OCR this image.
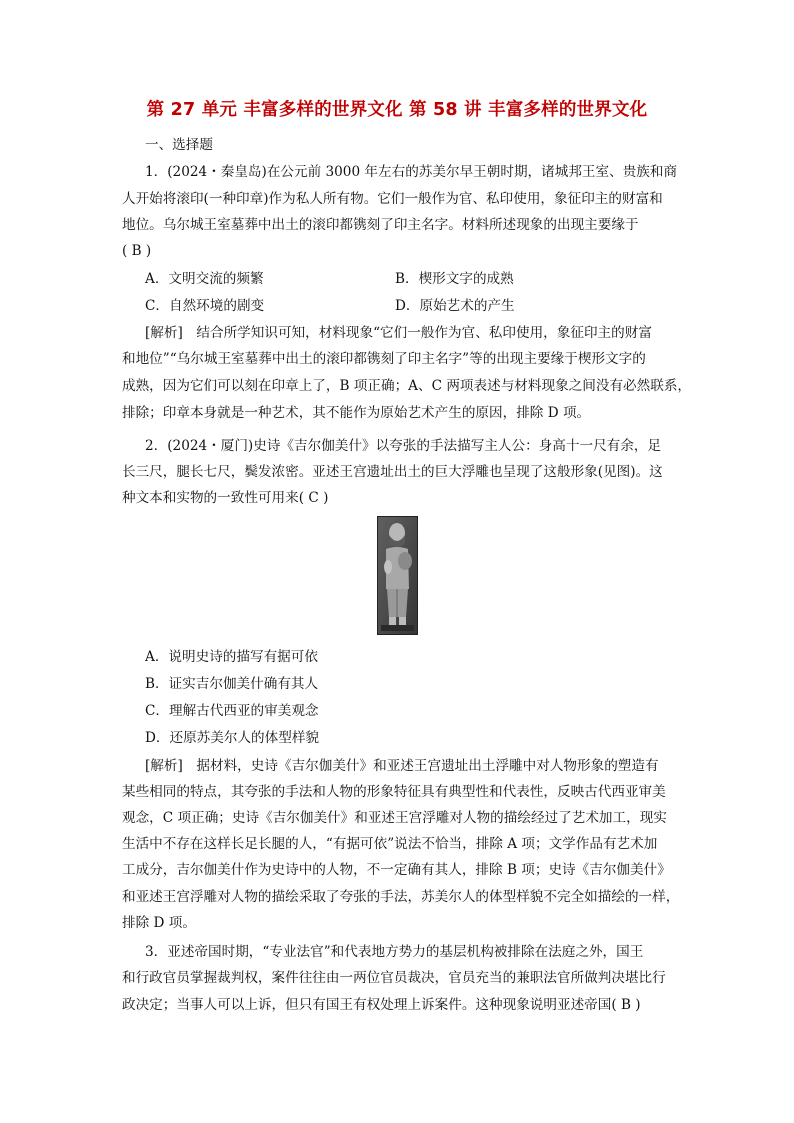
第 27 单元 丰富多样的世界文化 第 58 讲 丰富多样的世界文化
一、选择题
1．(2024・秦皇岛)在公元前 3000 年左右的苏美尔早王朝时期，诸城邦王室、贵族和商
人开始将滚印(一种印章)作为私人所有物。它们一般作为官、私印使用，象征印主的财富和
地位。乌尔城王室墓葬中出土的滚印都镌刻了印主名字。材料所述现象的出现主要缘于
( B )
A．文明交流的频繁	B．楔形文字的成熟
C．自然环境的剧变	D．原始艺术的产生
[解析]　结合所学知识可知，材料现象“它们一般作为官、私印使用，象征印主的财富
和地位”“乌尔城王室墓葬中出土的滚印都镌刻了印主名字”等的出现主要缘于楔形文字的
成熟，因为它们可以刻在印章上了，B 项正确；A、C 两项表述与材料现象之间没有必然联系，
排除；印章本身就是一种艺术，其不能作为原始艺术产生的原因，排除 D 项。
2．(2024・厦门)史诗《吉尔伽美什》以夸张的手法描写主人公：身高十一尺有余，足
长三尺，腿长七尺，鬓发浓密。亚述王宫遗址出土的巨大浮雕也呈现了这般形象(见图)。这
种文本和实物的一致性可用来( C )
A．说明史诗的描写有据可依
B．证实吉尔伽美什确有其人
C．理解古代西亚的审美观念
D．还原苏美尔人的体型样貌
[解析]　据材料，史诗《吉尔伽美什》和亚述王宫遗址出土浮雕中对人物形象的塑造有
某些相同的特点，其夸张的手法和人物的形象特征具有典型性和代表性，反映古代西亚审美
观念，C 项正确；史诗《吉尔伽美什》和亚述王宫浮雕对人物的描绘经过了艺术加工，现实
生活中不存在这样长足长腿的人，“有据可依”说法不恰当，排除 A 项；文学作品有艺术加
工成分，吉尔伽美什作为史诗中的人物，不一定确有其人，排除 B 项；史诗《吉尔伽美什》
和亚述王宫浮雕对人物的描绘采取了夸张的手法，苏美尔人的体型样貌不完全如描绘的一样，
排除 D 项。
3．亚述帝国时期，“专业法官”和代表地方势力的基层机构被排除在法庭之外，国王
和行政官员掌握裁判权，案件往往由一两位官员裁决，官员充当的兼职法官所做判决堪比行
政决定；当事人可以上诉，但只有国王有权处理上诉案件。这种现象说明亚述帝国( B )
